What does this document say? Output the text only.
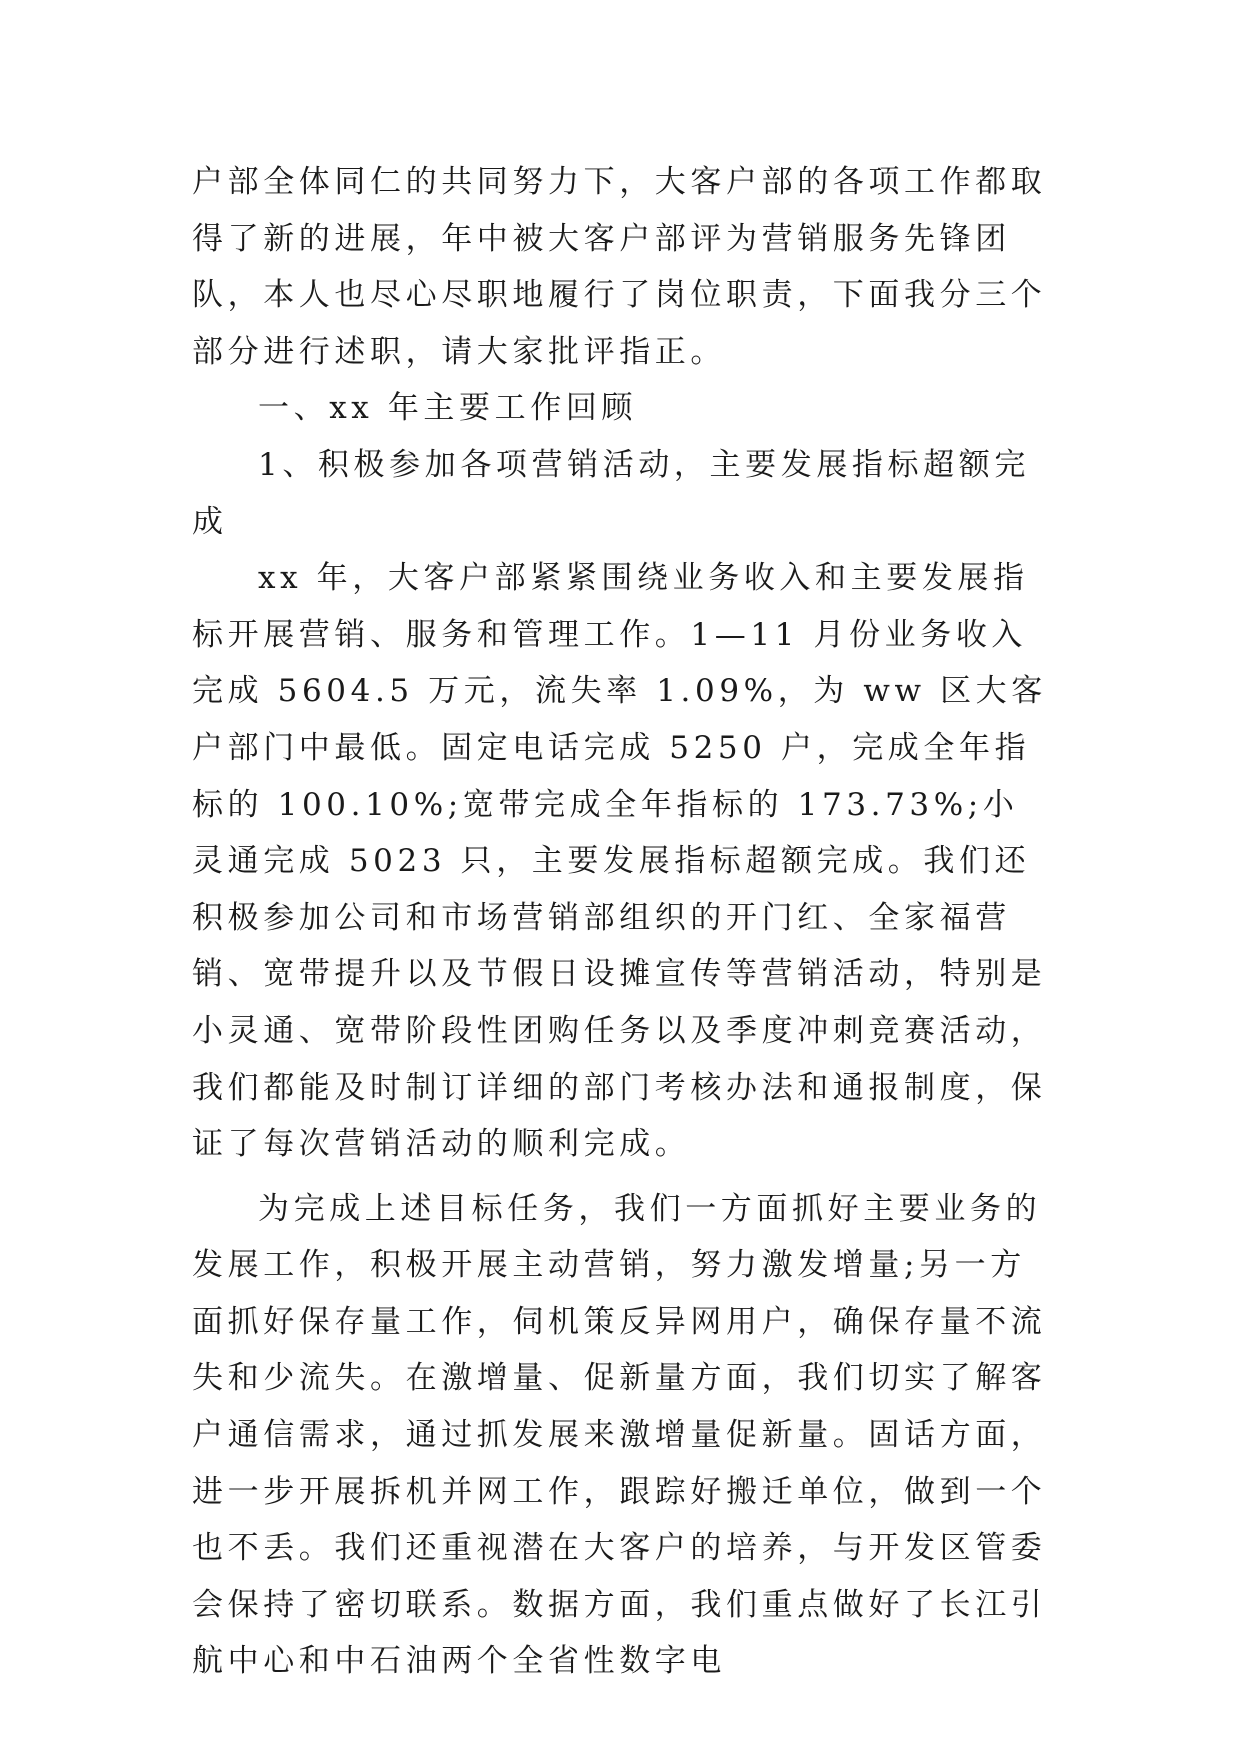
户部全体同仁的共同努力下，大客户部的各项工作都取得了新的进展，年中被大客户部评为营销服务先锋团队，本人也尽心尽职地履行了岗位职责，下面我分三个部分进行述职，请大家批评指正。

一、xx 年主要工作回顾

1、积极参加各项营销活动，主要发展指标超额完成

xx 年，大客户部紧紧围绕业务收入和主要发展指标开展营销、服务和管理工作。1—11 月份业务收入完成 5604.5 万元，流失率 1.09%，为 ww 区大客户部门中最低。固定电话完成 5250 户，完成全年指标的 100.10%;宽带完成全年指标的 173.73%;小灵通完成 5023 只，主要发展指标超额完成。我们还积极参加公司和市场营销部组织的开门红、全家福营销、宽带提升以及节假日设摊宣传等营销活动，特别是小灵通、宽带阶段性团购任务以及季度冲刺竞赛活动，我们都能及时制订详细的部门考核办法和通报制度，保证了每次营销活动的顺利完成。

为完成上述目标任务，我们一方面抓好主要业务的发展工作，积极开展主动营销，努力激发增量;另一方面抓好保存量工作，伺机策反异网用户，确保存量不流失和少流失。在激增量、促新量方面，我们切实了解客户通信需求，通过抓发展来激增量促新量。固话方面，进一步开展拆机并网工作，跟踪好搬迁单位，做到一个也不丢。我们还重视潜在大客户的培养，与开发区管委会保持了密切联系。数据方面，我们重点做好了长江引航中心和中石油两个全省性数字电
